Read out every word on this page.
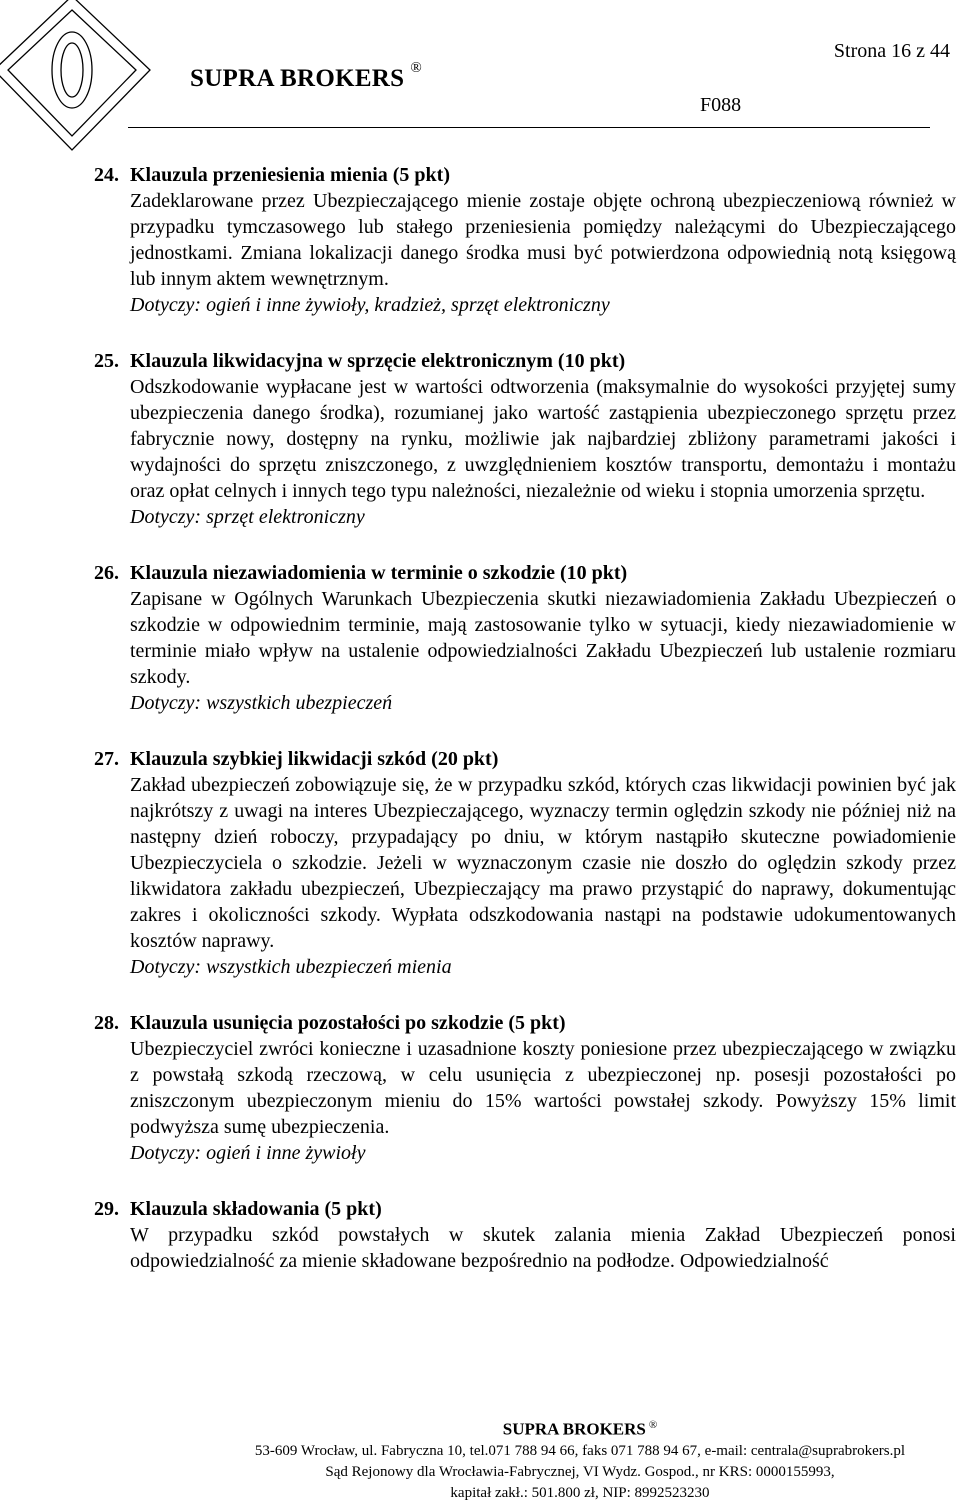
Strona 16 z 44
SUPRA BROKERS ®
F088
24. Klauzula przeniesienia mienia (5 pkt)

Zadeklarowane przez Ubezpieczającego mienie zostaje objęte ochroną ubezpieczeniową również w przypadku tymczasowego lub stałego przeniesienia pomiędzy należącymi do Ubezpieczającego jednostkami. Zmiana lokalizacji danego środka musi być potwierdzona odpowiednią notą księgową lub innym aktem wewnętrznym.

Dotyczy: ogień i inne żywioły, kradzież, sprzęt elektroniczny

25. Klauzula likwidacyjna w sprzęcie elektronicznym (10 pkt)

Odszkodowanie wypłacane jest w wartości odtworzenia (maksymalnie do wysokości przyjętej sumy ubezpieczenia danego środka), rozumianej jako wartość zastąpienia ubezpieczonego sprzętu przez fabrycznie nowy, dostępny na rynku, możliwie jak najbardziej zbliżony parametrami jakości i wydajności do sprzętu zniszczonego, z uwzględnieniem kosztów transportu, demontażu i montażu oraz opłat celnych i innych tego typu należności, niezależnie od wieku i stopnia umorzenia sprzętu.

Dotyczy: sprzęt elektroniczny

26. Klauzula niezawiadomienia w terminie o szkodzie (10 pkt)

Zapisane w Ogólnych Warunkach Ubezpieczenia skutki niezawiadomienia Zakładu Ubezpieczeń o szkodzie w odpowiednim terminie, mają zastosowanie tylko w sytuacji, kiedy niezawiadomienie w terminie miało wpływ na ustalenie odpowiedzialności Zakładu Ubezpieczeń lub ustalenie rozmiaru szkody.

Dotyczy: wszystkich ubezpieczeń

27. Klauzula szybkiej likwidacji szkód (20 pkt)

Zakład ubezpieczeń zobowiązuje się, że w przypadku szkód, których czas likwidacji powinien być jak najkrótszy z uwagi na interes Ubezpieczającego, wyznaczy termin oględzin szkody nie później niż na następny dzień roboczy, przypadający po dniu, w którym nastąpiło skuteczne powiadomienie Ubezpieczyciela o szkodzie. Jeżeli w wyznaczonym czasie nie doszło do oględzin szkody przez likwidatora zakładu ubezpieczeń, Ubezpieczający ma prawo przystąpić do naprawy, dokumentując zakres i okoliczności szkody. Wypłata odszkodowania nastąpi na podstawie udokumentowanych kosztów naprawy.

Dotyczy: wszystkich ubezpieczeń mienia

28. Klauzula usunięcia pozostałości po szkodzie (5 pkt)

Ubezpieczyciel zwróci konieczne i uzasadnione koszty poniesione przez ubezpieczającego w związku z powstałą szkodą rzeczową, w celu usunięcia z ubezpieczonej np. posesji pozostałości po zniszczonym ubezpieczonym mieniu do 15% wartości powstałej szkody. Powyższy 15% limit podwyższa sumę ubezpieczenia.

Dotyczy: ogień i inne żywioły

29. Klauzula składowania (5 pkt)

W przypadku szkód powstałych w skutek zalania mienia Zakład Ubezpieczeń ponosi odpowiedzialność za mienie składowane bezpośrednio na podłodze. Odpowiedzialność

SUPRA BROKERS ®
53-609 Wrocław, ul. Fabryczna 10, tel.071 788 94 66, faks 071 788 94 67, e-mail: centrala@suprabrokers.pl
Sąd Rejonowy dla Wrocławia-Fabrycznej, VI Wydz. Gospod., nr KRS: 0000155993,
kapitał zakł.: 501.800 zł, NIP: 8992523230
